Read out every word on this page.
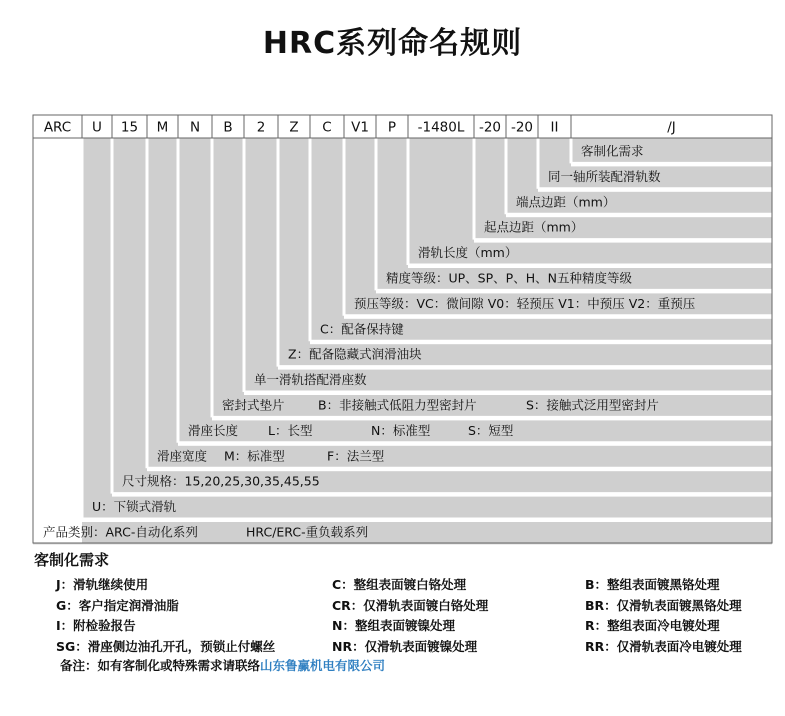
HRC系列命名规则
ARC U 15 M N B 2 Z C V1 P -1480L -20 -20 II	/J
客制化需求
同一轴所装配滑轨数
端点边距（mm）
起点边距（mm）
滑轨长度（mm）
精度等级：UP、SP、P、H、N五种精度等级
预压等级：VC：微间隙 V0：轻预压 V1：中预压 V2：重预压
C：配备保持键
Z：配备隐藏式润滑油块
单一滑轨搭配滑座数
密封式垫片	B：非接触式低阻力型密封片	S：接触式泛用型密封片
滑座长度 L：长型	N：标准型	S：短型
滑座宽度 M：标准型	F：法兰型
尺寸规格：15,20,25,30,35,45,55
U：下锁式滑轨
产品类别：ARC-自动化系列	HRC/ERC-重负载系列
客制化需求
J：滑轨继续使用
G：客户指定润滑油脂
I：附检验报告
SG：滑座侧边油孔开孔，预锁止付螺丝
C：整组表面镀白铬处理
CR：仅滑轨表面镀白铬处理
N：整组表面镀镍处理
NR：仅滑轨表面镀镍处理
B：整组表面镀黑铬处理
BR：仅滑轨表面镀黑铬处理
R：整组表面冷电镀处理
RR：仅滑轨表面冷电镀处理
备注：如有客制化或特殊需求请联络山东鲁赢机电有限公司
